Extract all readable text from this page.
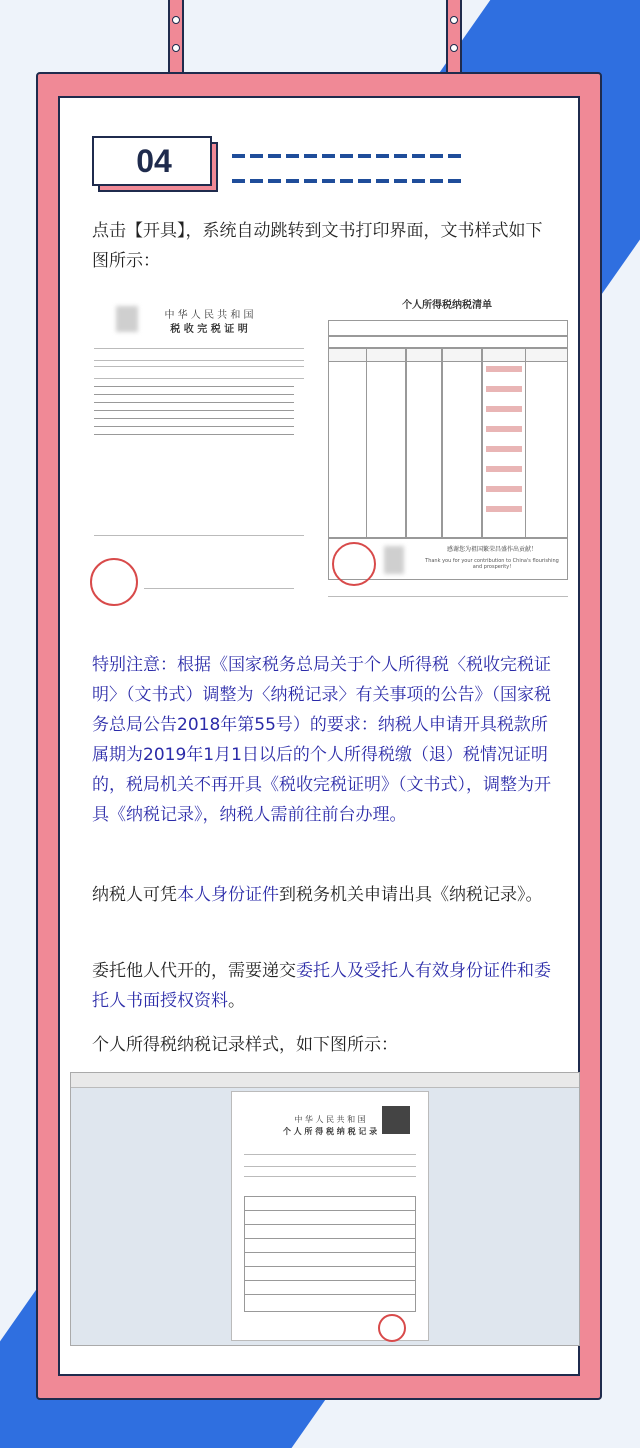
04
点击【开具】，系统自动跳转到文书打印界面，文书样式如下图所示：
中 华 人 民 共 和 国
税 收 完 税 证 明
个人所得税纳税清单
感谢您为祖国繁荣昌盛作出贡献！
Thank you for your contribution to China's flourishing and prosperity!
特别注意：根据《国家税务总局关于个人所得税〈税收完税证明〉（文书式）调整为〈纳税记录〉有关事项的公告》（国家税务总局公告2018年第55号）的要求：纳税人申请开具税款所属期为2019年1月1日以后的个人所得税缴（退）税情况证明的，税局机关不再开具《税收完税证明》（文书式），调整为开具《纳税记录》，纳税人需前往前台办理。
纳税人可凭本人身份证件到税务机关申请出具《纳税记录》。
委托他人代开的，需要递交委托人及受托人有效身份证件和委托人书面授权资料。
个人所得税纳税记录样式，如下图所示：
中 华 人 民 共 和 国
个 人 所 得 税 纳 税 记 录
